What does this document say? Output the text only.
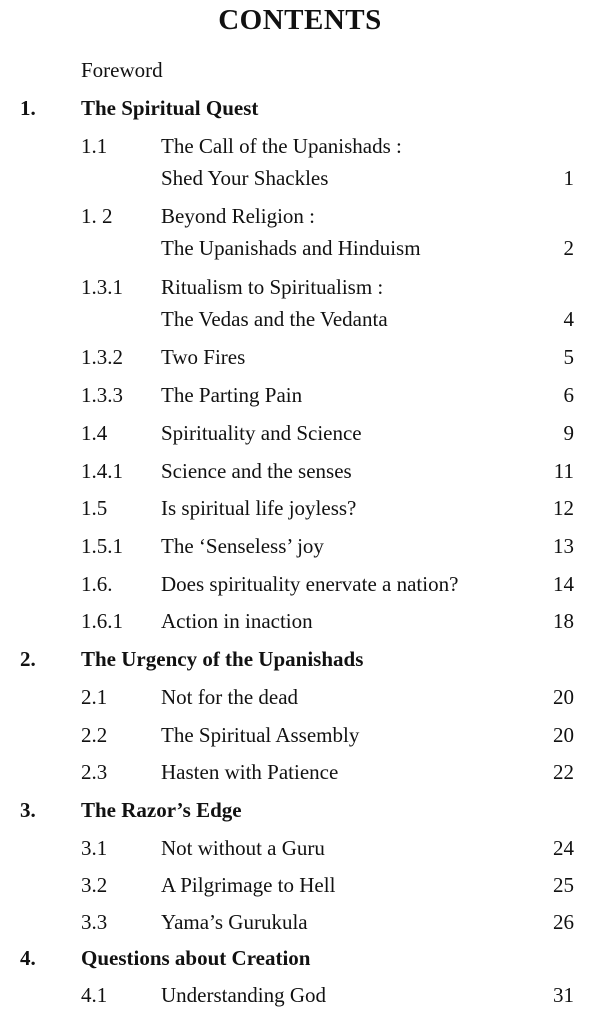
CONTENTS
Foreword
1. The Spiritual Quest
1.1	The Call of the Upanishads :
Shed Your Shackles	1
1. 2 Beyond Religion :
The Upanishads and Hinduism	2
1.3.1 Ritualism to Spiritualism :
The Vedas and the Vedanta	4
1.3.2 Two Fires	5
1.3.3 The Parting Pain	6
1.4	Spirituality and Science	9
1.4.1 Science and the senses	11
1.5	Is spiritual life joyless?	12
1.5.1 The ‘Senseless’ joy	13
1.6. Does spirituality enervate a nation?	14
1.6.1 Action in inaction	18
2. The Urgency of the Upanishads
2.1	Not for the dead	20
2.2	The Spiritual Assembly	20
2.3	Hasten with Patience	22
3. The Razor’s Edge
3.1	Not without a Guru	24
3.2	A Pilgrimage to Hell	25
3.3	Yama’s Gurukula	26
4. Questions about Creation
4.1	Understanding God	31
